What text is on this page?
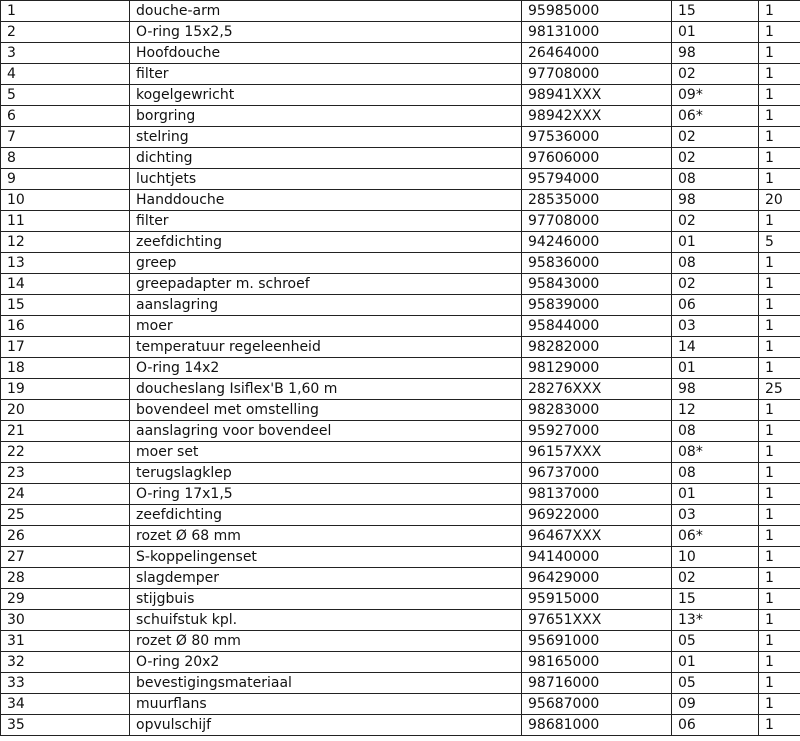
1	douche-arm	95985000	15	1
2	O-ring 15x2,5	98131000	01	1
3	Hoofdouche	26464000	98	1
4	filter	97708000	02	1
5	kogelgewricht	98941XXX	09*	1
6	borgring	98942XXX	06*	1
7	stelring	97536000	02	1
8	dichting	97606000	02	1
9	luchtjets	95794000	08	1
10	Handdouche	28535000	98	20
11	filter	97708000	02	1
12	zeefdichting	94246000	01	5
13	greep	95836000	08	1
14	greepadapter m. schroef	95843000	02	1
15	aanslagring	95839000	06	1
16	moer	95844000	03	1
17	temperatuur regeleenheid	98282000	14	1
18	O-ring 14x2	98129000	01	1
19	doucheslang Isiflex'B 1,60 m	28276XXX	98	25
20	bovendeel met omstelling	98283000	12	1
21	aanslagring voor bovendeel	95927000	08	1
22	moer set	96157XXX	08*	1
23	terugslagklep	96737000	08	1
24	O-ring 17x1,5	98137000	01	1
25	zeefdichting	96922000	03	1
26	rozet Ø 68 mm	96467XXX	06*	1
27	S-koppelingenset	94140000	10	1
28	slagdemper	96429000	02	1
29	stijgbuis	95915000	15	1
30	schuifstuk kpl.	97651XXX	13*	1
31	rozet Ø 80 mm	95691000	05	1
32	O-ring 20x2	98165000	01	1
33	bevestigingsmateriaal	98716000	05	1
34	muurflans	95687000	09	1
35	opvulschijf	98681000	06	1
